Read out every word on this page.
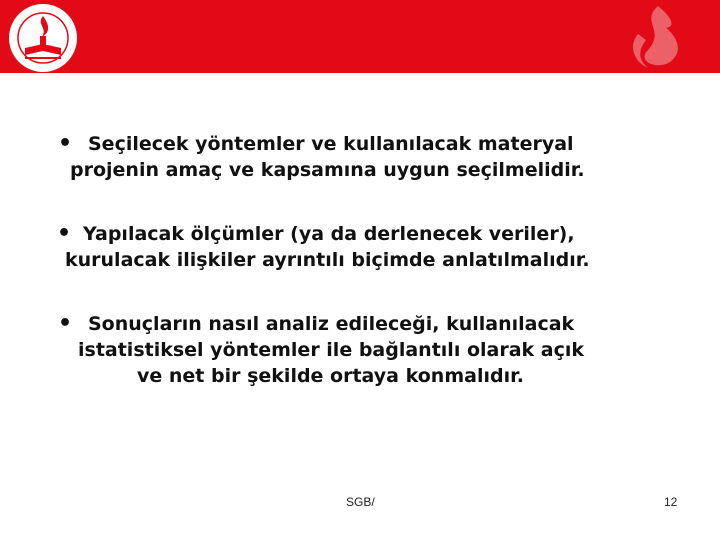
• Seçilecek yöntemler ve kullanılacak materyal
projenin amaç ve kapsamına uygun seçilmelidir.
• Yapılacak ölçümler (ya da derlenecek veriler),
kurulacak ilişkiler ayrıntılı biçimde anlatılmalıdır.
• Sonuçların nasıl analiz edileceği, kullanılacak
istatistiksel yöntemler ile bağlantılı olarak açık
ve net bir şekilde ortaya konmalıdır.
SGB/	12
